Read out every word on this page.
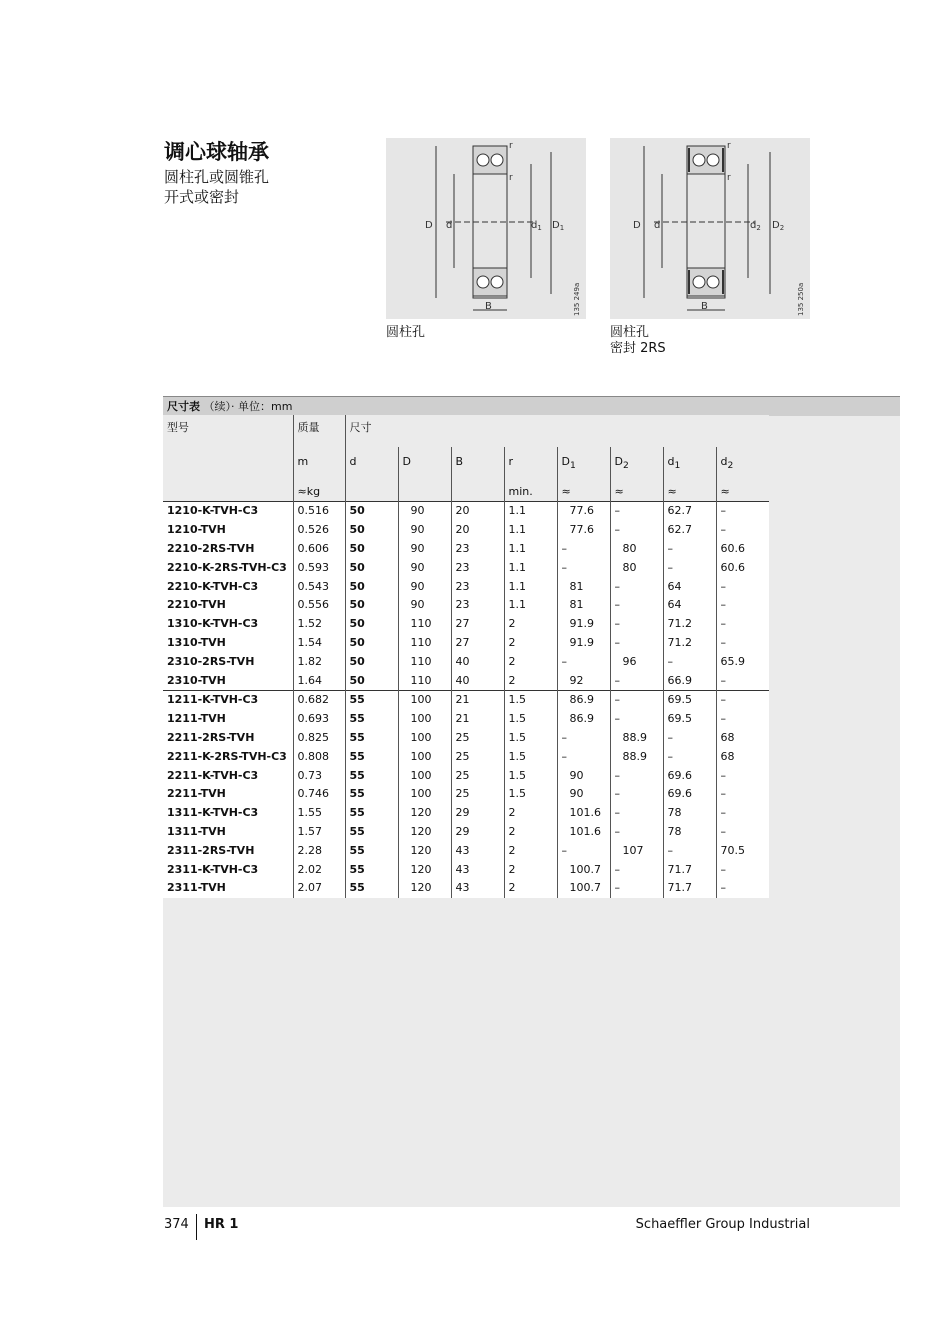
调心球轴承
圆柱孔或圆锥孔
开式或密封
D d
r
r
B
$d_1$ $D_1$
135 249a
圆柱孔
D d
r
r
B
$d_2$ $D_2$
135 250a
圆柱孔
密封 2RS
尺寸表 （续）· 单位：mm
型号	质量	尺寸							
	m	d	D	B	r	$D_1$	$D_2$	$d_1$	$d_2$
	≈kg				min.	≈	≈	≈	≈
1210-K-TVH-C3	0.516	50	90	20	1.1	77.6	–	62.7	–
1210-TVH	0.526	50	90	20	1.1	77.6	–	62.7	–
2210-2RS-TVH	0.606	50	90	23	1.1	–	80	–	60.6
2210-K-2RS-TVH-C3	0.593	50	90	23	1.1	–	80	–	60.6
2210-K-TVH-C3	0.543	50	90	23	1.1	81	–	64	–
2210-TVH	0.556	50	90	23	1.1	81	–	64	–
1310-K-TVH-C3	1.52	50	110	27	2	91.9	–	71.2	–
1310-TVH	1.54	50	110	27	2	91.9	–	71.2	–
2310-2RS-TVH	1.82	50	110	40	2	–	96	–	65.9
2310-TVH	1.64	50	110	40	2	92	–	66.9	–
1211-K-TVH-C3	0.682	55	100	21	1.5	86.9	–	69.5	–
1211-TVH	0.693	55	100	21	1.5	86.9	–	69.5	–
2211-2RS-TVH	0.825	55	100	25	1.5	–	88.9	–	68
2211-K-2RS-TVH-C3	0.808	55	100	25	1.5	–	88.9	–	68
2211-K-TVH-C3	0.73	55	100	25	1.5	90	–	69.6	–
2211-TVH	0.746	55	100	25	1.5	90	–	69.6	–
1311-K-TVH-C3	1.55	55	120	29	2	101.6	–	78	–
1311-TVH	1.57	55	120	29	2	101.6	–	78	–
2311-2RS-TVH	2.28	55	120	43	2	–	107	–	70.5
2311-K-TVH-C3	2.02	55	120	43	2	100.7	–	71.7	–
2311-TVH	2.07	55	120	43	2	100.7	–	71.7	–
374 HR 1	Schaeffler Group Industrial
